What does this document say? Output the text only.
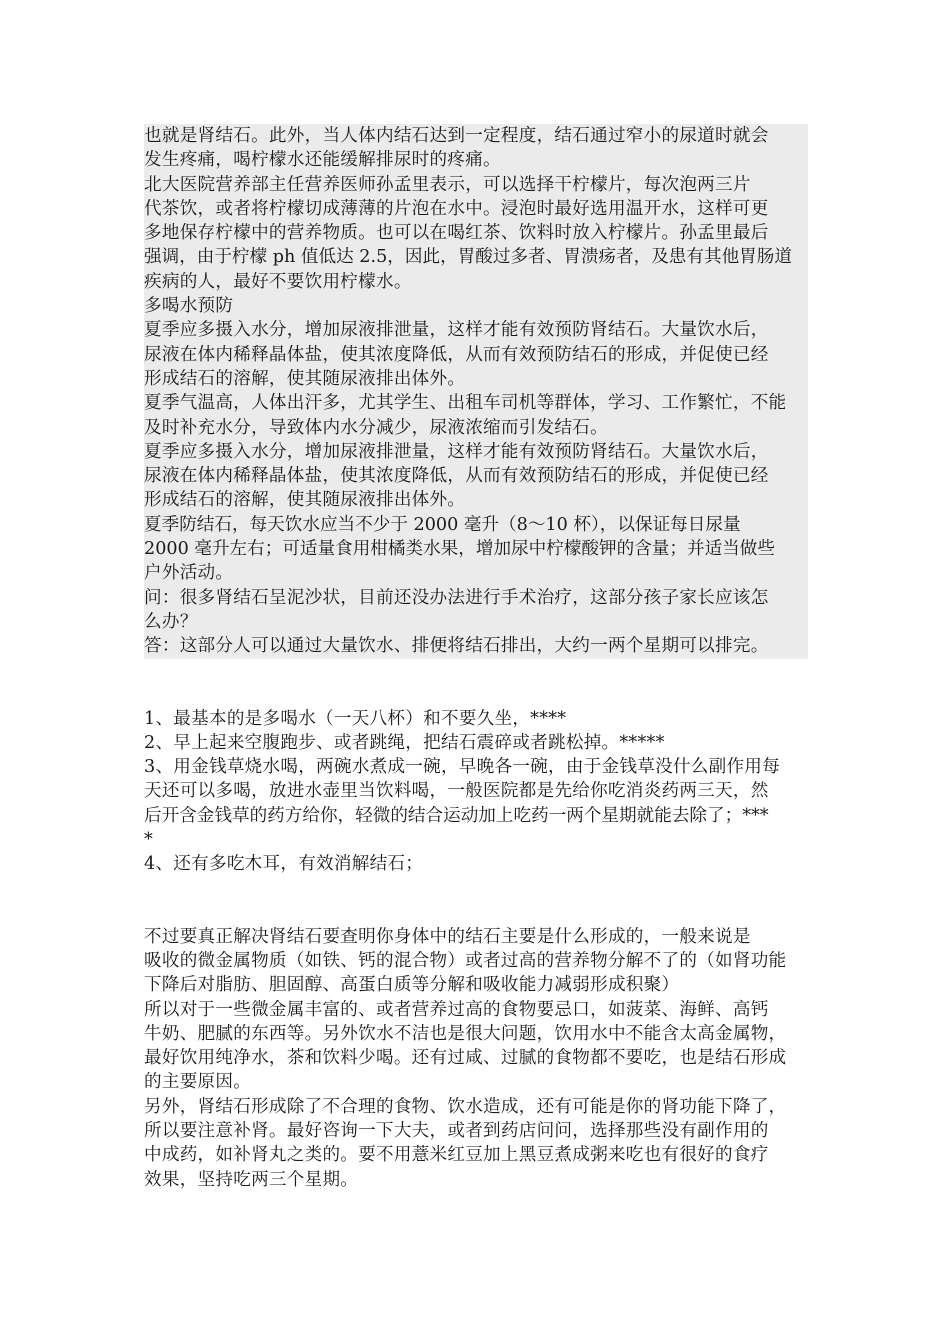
也就是肾结石。此外，当人体内结石达到一定程度，结石通过窄小的尿道时就会
发生疼痛，喝柠檬水还能缓解排尿时的疼痛。
北大医院营养部主任营养医师孙孟里表示，可以选择干柠檬片，每次泡两三片
代茶饮，或者将柠檬切成薄薄的片泡在水中。浸泡时最好选用温开水，这样可更
多地保存柠檬中的营养物质。也可以在喝红茶、饮料时放入柠檬片。孙孟里最后
强调，由于柠檬 ph 值低达 2.5，因此，胃酸过多者、胃溃疡者，及患有其他胃肠道
疾病的人，最好不要饮用柠檬水。
多喝水预防
夏季应多摄入水分，增加尿液排泄量，这样才能有效预防肾结石。大量饮水后，
尿液在体内稀释晶体盐，使其浓度降低，从而有效预防结石的形成，并促使已经
形成结石的溶解，使其随尿液排出体外。
夏季气温高，人体出汗多，尤其学生、出租车司机等群体，学习、工作繁忙，不能
及时补充水分，导致体内水分减少，尿液浓缩而引发结石。
夏季应多摄入水分，增加尿液排泄量，这样才能有效预防肾结石。大量饮水后，
尿液在体内稀释晶体盐，使其浓度降低，从而有效预防结石的形成，并促使已经
形成结石的溶解，使其随尿液排出体外。
夏季防结石，每天饮水应当不少于 2000 毫升（8～10 杯），以保证每日尿量
2000 毫升左右；可适量食用柑橘类水果，增加尿中柠檬酸钾的含量；并适当做些
户外活动。
问：很多肾结石呈泥沙状，目前还没办法进行手术治疗，这部分孩子家长应该怎
么办？
答：这部分人可以通过大量饮水、排便将结石排出，大约一两个星期可以排完。
1、最基本的是多喝水（一天八杯）和不要久坐，****
2、早上起来空腹跑步、或者跳绳，把结石震碎或者跳松掉。*****
3、用金钱草烧水喝，两碗水煮成一碗，早晚各一碗，由于金钱草没什么副作用每
天还可以多喝，放进水壶里当饮料喝，一般医院都是先给你吃消炎药两三天，然
后开含金钱草的药方给你，轻微的结合运动加上吃药一两个星期就能去除了；***
*
4、还有多吃木耳，有效消解结石；
不过要真正解决肾结石要查明你身体中的结石主要是什么形成的，一般来说是
吸收的微金属物质（如铁、钙的混合物）或者过高的营养物分解不了的（如肾功能
下降后对脂肪、胆固醇、高蛋白质等分解和吸收能力减弱形成积聚）
所以对于一些微金属丰富的、或者营养过高的食物要忌口，如菠菜、海鲜、高钙
牛奶、肥腻的东西等。另外饮水不洁也是很大问题，饮用水中不能含太高金属物，
最好饮用纯净水，茶和饮料少喝。还有过咸、过腻的食物都不要吃，也是结石形成
的主要原因。
另外，肾结石形成除了不合理的食物、饮水造成，还有可能是你的肾功能下降了，
所以要注意补肾。最好咨询一下大夫，或者到药店问问，选择那些没有副作用的
中成药，如补肾丸之类的。要不用薏米红豆加上黑豆煮成粥来吃也有很好的食疗
效果，坚持吃两三个星期。
